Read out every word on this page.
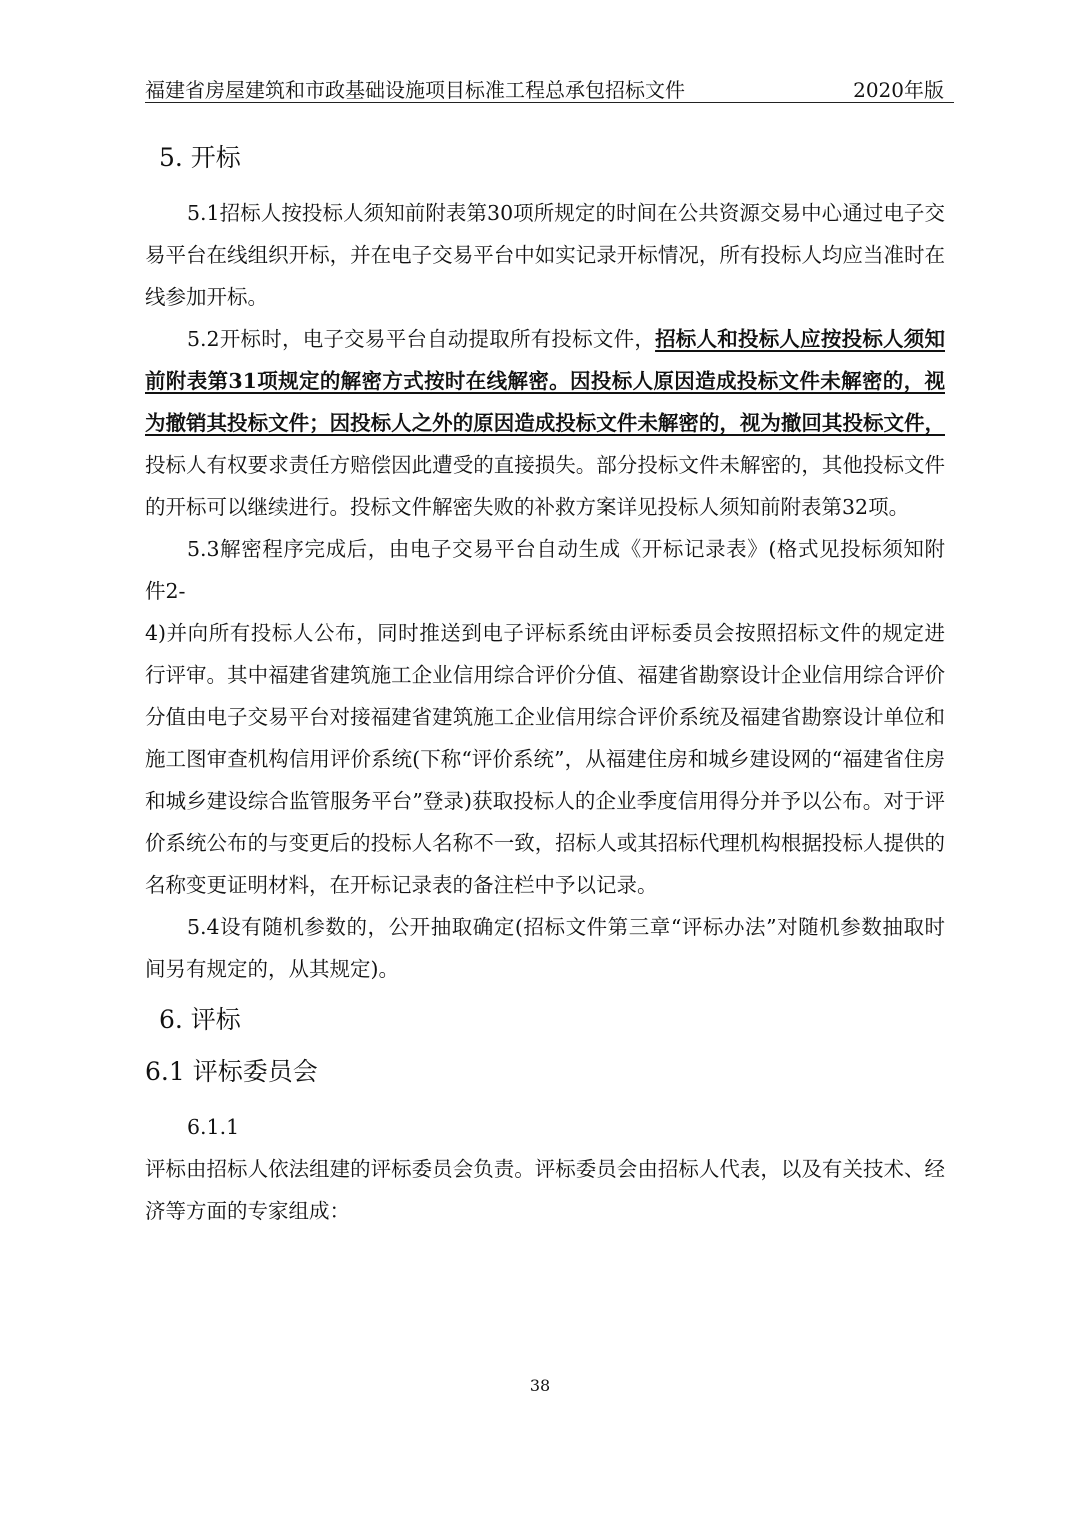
福建省房屋建筑和市政基础设施项目标准工程总承包招标文件	2020年版
5. 开标

5.1招标人按投标人须知前附表第30项所规定的时间在公共资源交易中心通过电子交易平台在线组织开标，并在电子交易平台中如实记录开标情况，所有投标人均应当准时在线参加开标。

5.2开标时，电子交易平台自动提取所有投标文件，招标人和投标人应按投标人须知前附表第31项规定的解密方式按时在线解密。因投标人原因造成投标文件未解密的，视为撤销其投标文件；因投标人之外的原因造成投标文件未解密的，视为撤回其投标文件，投标人有权要求责任方赔偿因此遭受的直接损失。部分投标文件未解密的，其他投标文件的开标可以继续进行。投标文件解密失败的补救方案详见投标人须知前附表第32项。

5.3解密程序完成后，由电子交易平台自动生成《开标记录表》(格式见投标须知附件2-

4)并向所有投标人公布，同时推送到电子评标系统由评标委员会按照招标文件的规定进行评审。其中福建省建筑施工企业信用综合评价分值、福建省勘察设计企业信用综合评价分值由电子交易平台对接福建省建筑施工企业信用综合评价系统及福建省勘察设计单位和施工图审查机构信用评价系统(下称“评价系统”，从福建住房和城乡建设网的“福建省住房和城乡建设综合监管服务平台”登录)获取投标人的企业季度信用得分并予以公布。对于评价系统公布的与变更后的投标人名称不一致，招标人或其招标代理机构根据投标人提供的名称变更证明材料，在开标记录表的备注栏中予以记录。

5.4设有随机参数的，公开抽取确定(招标文件第三章“评标办法”对随机参数抽取时间另有规定的，从其规定)。

6. 评标
6.1 评标委员会

6.1.1

评标由招标人依法组建的评标委员会负责。评标委员会由招标人代表，以及有关技术、经济等方面的专家组成：

38
